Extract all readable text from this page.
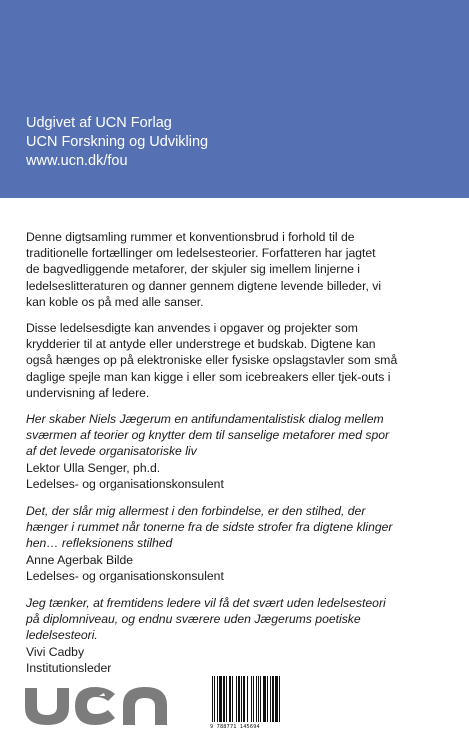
Udgivet af UCN Forlag
UCN Forskning og Udvikling
www.ucn.dk/fou
Denne digtsamling rummer et konventionsbrud i forhold til de
traditionelle fortællinger om ledelsesteorier. Forfatteren har jagtet
de bagvedliggende metaforer, der skjuler sig imellem linjerne i
ledelseslitteraturen og danner gennem digtene levende billeder, vi
kan koble os på med alle sanser.
Disse ledelsesdigte kan anvendes i opgaver og projekter som
krydderier til at antyde eller understrege et budskab. Digtene kan
også hænges op på elektroniske eller fysiske opslagstavler som små
daglige spejle man kan kigge i eller som icebreakers eller tjek-outs i
undervisning af ledere.
Her skaber Niels Jægerum en antifundamentalistisk dialog mellem
sværmen af teorier og knytter dem til sanselige metaforer med spor
af det levede organisatoriske liv
Lektor Ulla Senger, ph.d.
Ledelses- og organisationskonsulent
Det, der slår mig allermest i den forbindelse, er den stilhed, der
hænger i rummet når tonerne fra de sidste strofer fra digtene klinger
hen… refleksionens stilhed
Anne Agerbak Bilde
Ledelses- og organisationskonsulent
Jeg tænker, at fremtidens ledere vil få det svært uden ledelsesteori
på diplomniveau, og endnu sværere uden Jægerums poetiske
ledelsesteori.
Vivi Cadby
Institutionsleder
9 788771 145694
